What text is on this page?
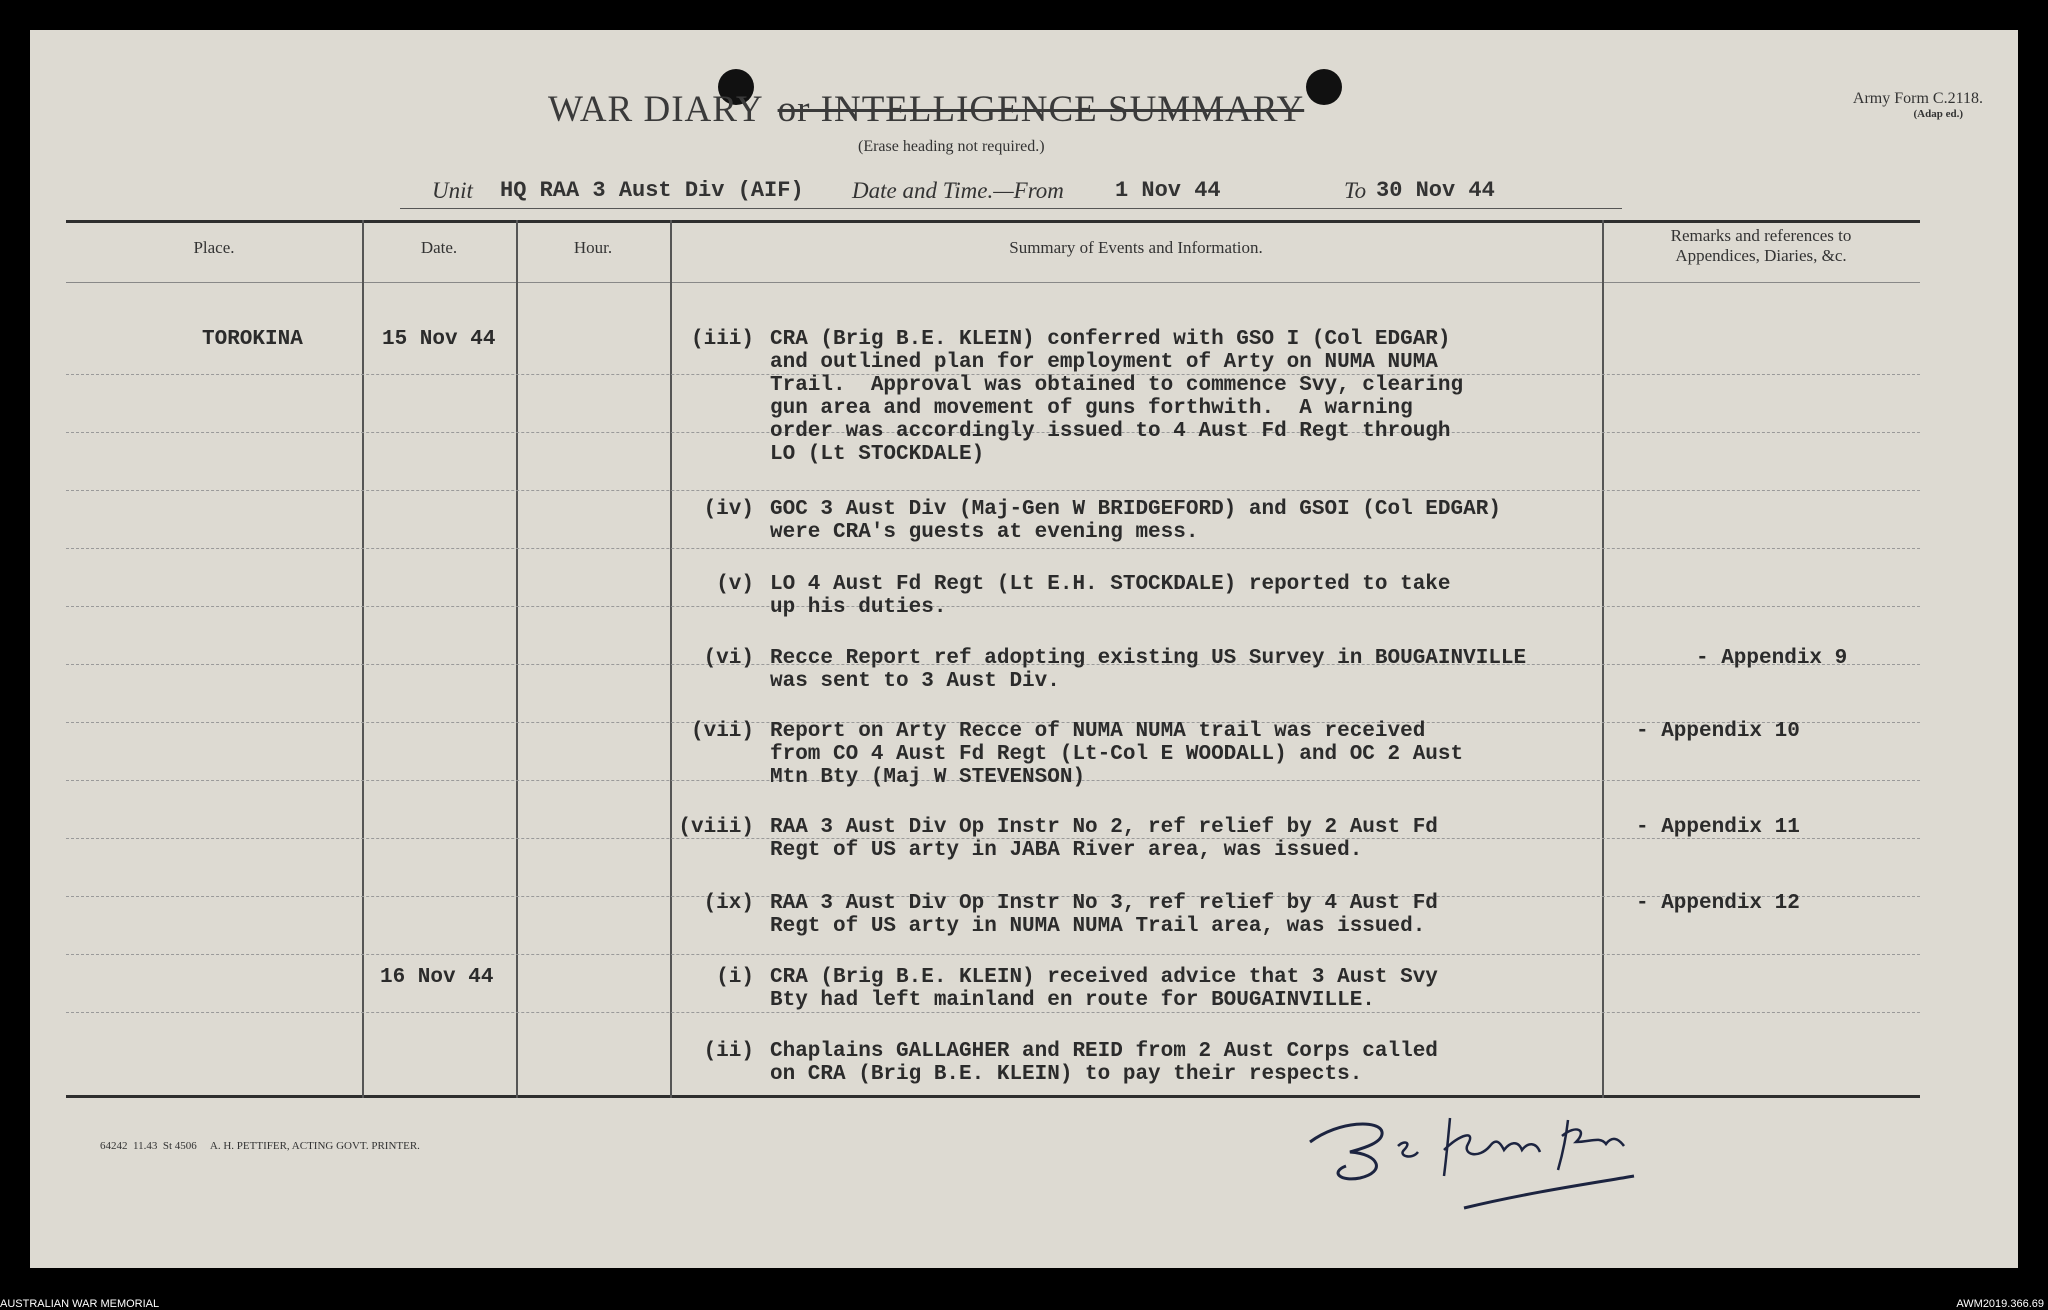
WAR DIARY or INTELLIGENCE SUMMARY
(Erase heading not required.)
Army Form C.2118.
(Adap ed.)
Unit HQ RAA 3 Aust Div (AIF) Date and Time.—From 1 Nov 44	To 30 Nov 44
Place.	Date.	Hour.	Summary of Events and Information.
Remarks and references to
Appendices, Diaries, &c.
TOROKINA	15 Nov 44	(iii) CRA (Brig B.E. KLEIN) conferred with GSO I (Col EDGAR)
and outlined plan for employment of Arty on NUMA NUMA
Trail.  Approval was obtained to commence Svy, clearing
gun area and movement of guns forthwith.  A warning
order was accordingly issued to 4 Aust Fd Regt through
LO (Lt STOCKDALE)
(iv) GOC 3 Aust Div (Maj-Gen W BRIDGEFORD) and GSOI (Col EDGAR)
were CRA's guests at evening mess.
(v) LO 4 Aust Fd Regt (Lt E.H. STOCKDALE) reported to take
up his duties.
(vi) Recce Report ref adopting existing US Survey in BOUGAINVILLE
was sent to 3 Aust Div.
- Appendix 9
(vii) Report on Arty Recce of NUMA NUMA trail was received
from CO 4 Aust Fd Regt (Lt-Col E WOODALL) and OC 2 Aust
Mtn Bty (Maj W STEVENSON)
- Appendix 10
(viii) RAA 3 Aust Div Op Instr No 2, ref relief by 2 Aust Fd
Regt of US arty in JABA River area, was issued.
- Appendix 11
(ix) RAA 3 Aust Div Op Instr No 3, ref relief by 4 Aust Fd
Regt of US arty in NUMA NUMA Trail area, was issued.
- Appendix 12
16 Nov 44	(i) CRA (Brig B.E. KLEIN) received advice that 3 Aust Svy
Bty had left mainland en route for BOUGAINVILLE.
(ii) Chaplains GALLAGHER and REID from 2 Aust Corps called
on CRA (Brig B.E. KLEIN) to pay their respects.
64242  11.43  St 4506     A. H. PETTIFER, ACTING GOVT. PRINTER.
AUSTRALIAN WAR MEMORIAL	AWM2019.366.69
